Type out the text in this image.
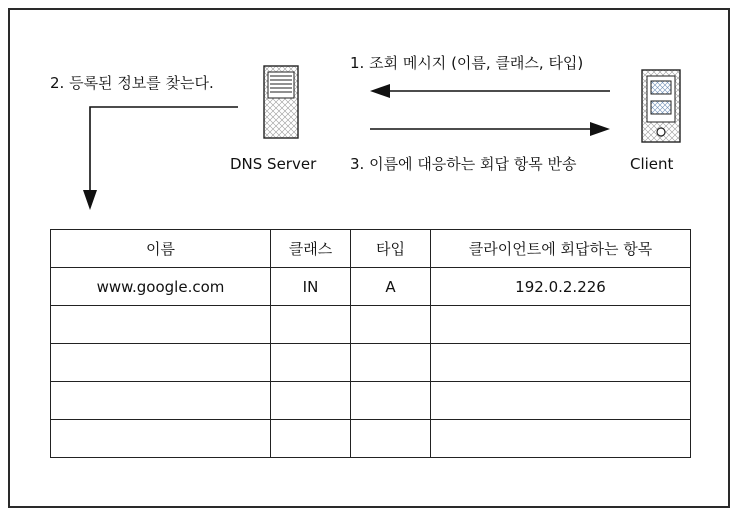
1. 조회 메시지 (이름, 클래스, 타입)
2. 등록된 정보를 찾는다.
3. 이름에 대응하는 회답 항목 반송
DNS Server	Client
이름	클래스	타입	클라이언트에 회답하는 항목
www.google.com	IN	A	192.0.2.226
